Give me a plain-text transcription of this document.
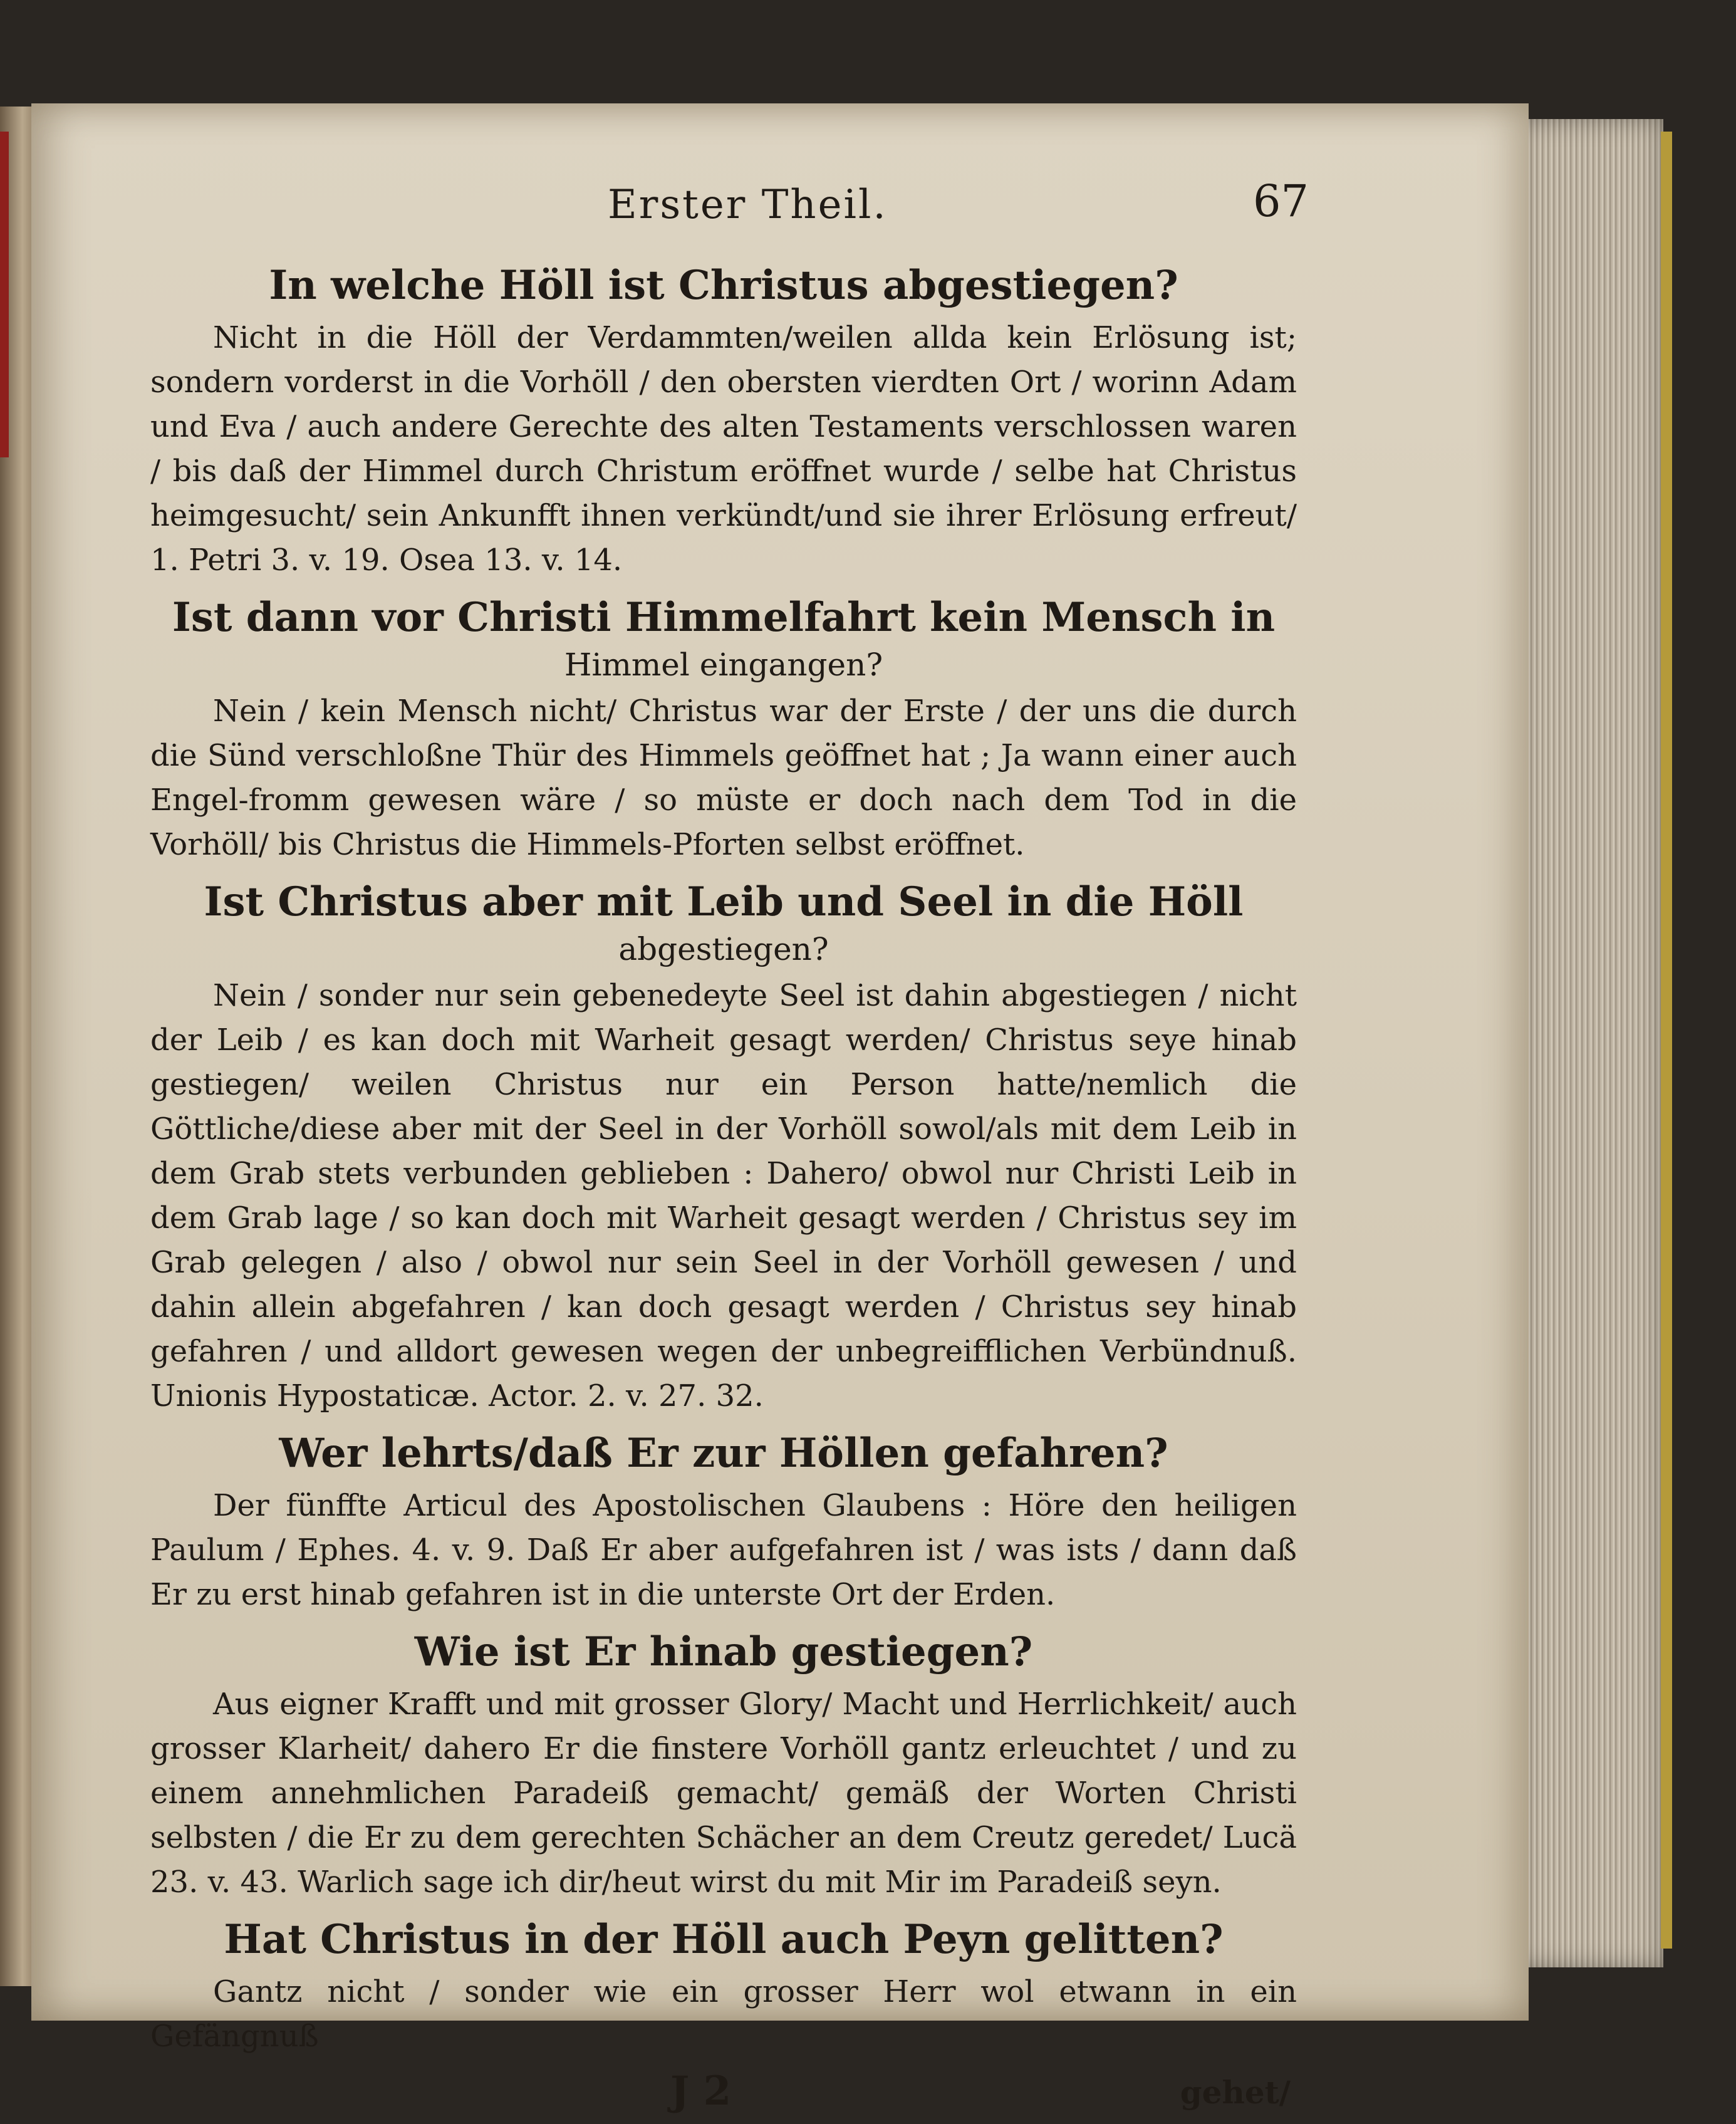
Erster Theil.	67
In welche Höll ist Christus abgestiegen?

Nicht in die Höll der Verdammten/weilen allda kein Erlösung ist; sondern vorderst in die Vorhöll / den obersten vierdten Ort / worinn Adam und Eva / auch andere Gerechte des alten Testaments verschlossen waren / bis daß der Himmel durch Christum eröffnet wurde / selbe hat Christus heimgesucht/ sein Ankunfft ihnen verkündt/und sie ihrer Erlösung erfreut/ 1. Petri 3. v. 19. Osea 13. v. 14.

Ist dann vor Christi Himmelfahrt kein Mensch in
Himmel eingangen?

Nein / kein Mensch nicht/ Christus war der Erste / der uns die durch die Sünd verschloßne Thür des Himmels geöffnet hat ; Ja wann einer auch Engel-fromm gewesen wäre / so müste er doch nach dem Tod in die Vorhöll/ bis Christus die Himmels-Pforten selbst eröffnet.

Ist Christus aber mit Leib und Seel in die Höll
abgestiegen?

Nein / sonder nur sein gebenedeyte Seel ist dahin abgestiegen / nicht der Leib / es kan doch mit Warheit gesagt werden/ Christus seye hinab gestiegen/ weilen Christus nur ein Person hatte/nemlich die Göttliche/diese aber mit der Seel in der Vorhöll sowol/als mit dem Leib in dem Grab stets verbunden geblieben : Dahero/ obwol nur Christi Leib in dem Grab lage / so kan doch mit Warheit gesagt werden / Christus sey im Grab gelegen / also / obwol nur sein Seel in der Vorhöll gewesen / und dahin allein abgefahren / kan doch gesagt werden / Christus sey hinab gefahren / und alldort gewesen wegen der unbegreifflichen Verbündnuß. Unionis Hypostaticæ. Actor. 2. v. 27. 32.

Wer lehrts/daß Er zur Höllen gefahren?

Der fünffte Articul des Apostolischen Glaubens : Höre den heiligen Paulum / Ephes. 4. v. 9. Daß Er aber aufgefahren ist / was ists / dann daß Er zu erst hinab gefahren ist in die unterste Ort der Erden.

Wie ist Er hinab gestiegen?

Aus eigner Krafft und mit grosser Glory/ Macht und Herrlichkeit/ auch grosser Klarheit/ dahero Er die finstere Vorhöll gantz erleuchtet / und zu einem annehmlichen Paradeiß gemacht/ gemäß der Worten Christi selbsten / die Er zu dem gerechten Schächer an dem Creutz geredet/ Lucä 23. v. 43. Warlich sage ich dir/heut wirst du mit Mir im Paradeiß seyn.

Hat Christus in der Höll auch Peyn gelitten?

Gantz nicht / sonder wie ein grosser Herr wol etwann in ein Gefängnuß

J 2	gehet/
